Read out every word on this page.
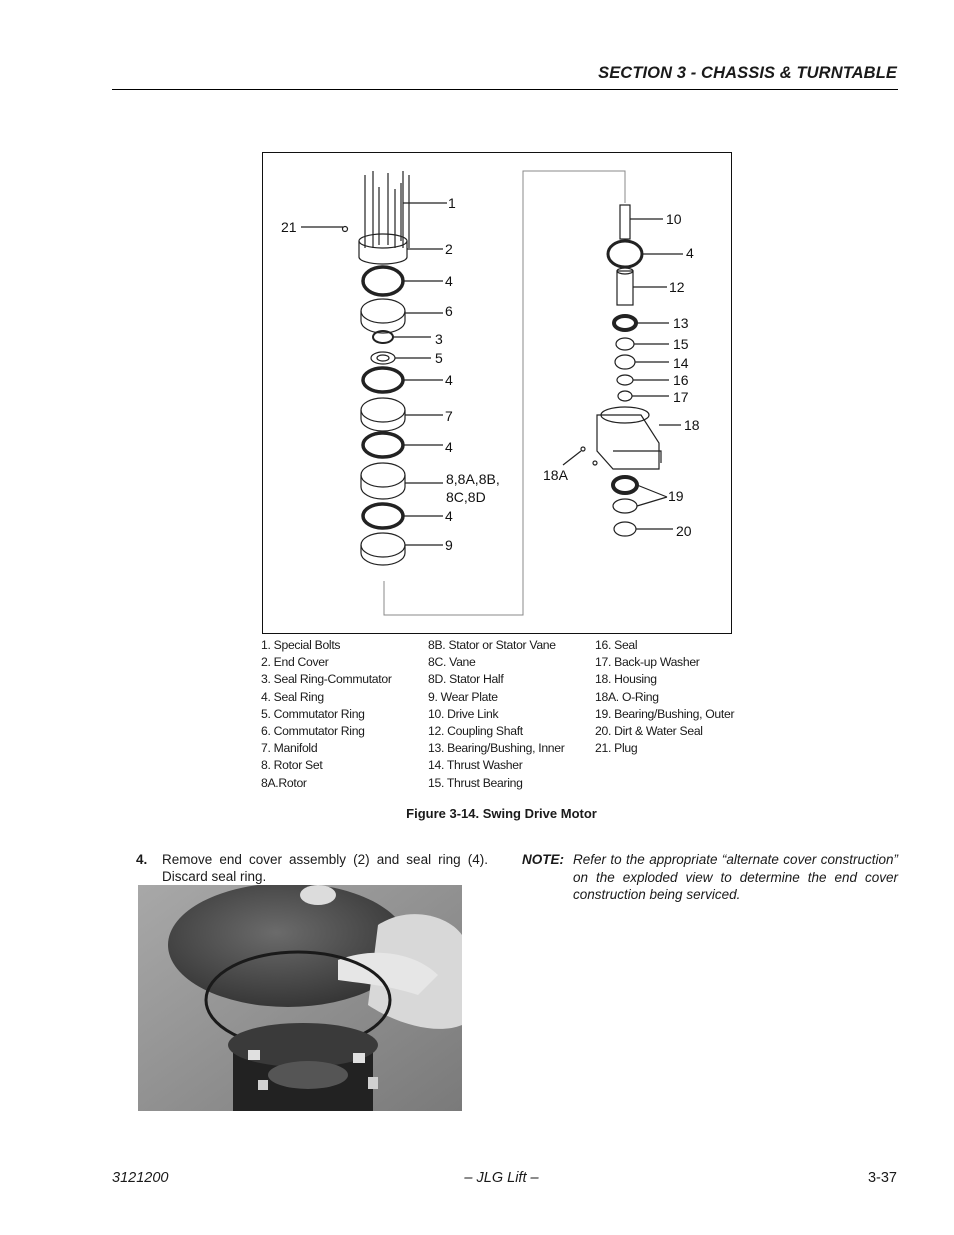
SECTION 3 - CHASSIS & TURNTABLE
1
2
4
6
3
5
4
7
4
8,8A,8B,
8C,8D
4
9
21	10
4
12
13
15
14
16
17
18
18A
19
20
1. Special Bolts
2. End Cover
3. Seal Ring-Commutator
4. Seal Ring
5. Commutator Ring
6. Commutator Ring
7. Manifold
8. Rotor Set
8A.Rotor
8B. Stator or Stator Vane
8C. Vane
8D. Stator Half
9. Wear Plate
10. Drive Link
12. Coupling Shaft
13. Bearing/Bushing, Inner
14. Thrust Washer
15. Thrust Bearing
16. Seal
17. Back-up Washer
18. Housing
18A. O-Ring
19. Bearing/Bushing, Outer
20. Dirt & Water Seal
21. Plug
Figure 3-14. Swing Drive Motor
4. Remove end cover assembly (2) and seal ring (4). Discard seal ring.
NOTE: Refer to the appropriate “alternate cover construction” on the exploded view to determine the end cover construction being serviced.
3121200	– JLG Lift –	3-37
